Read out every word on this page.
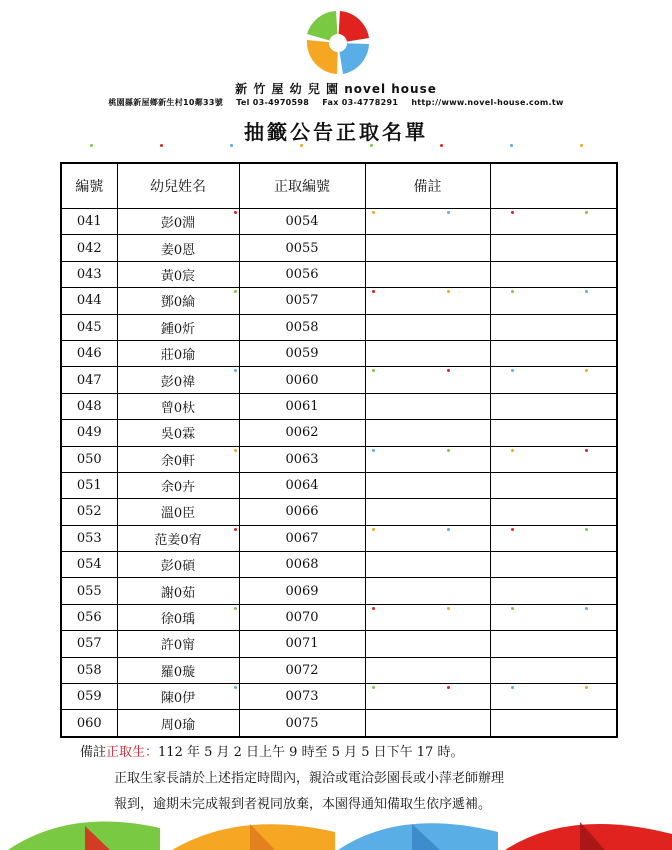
新 竹 屋 幼 兒 園 novel house
桃園縣新屋鄉新生村10鄰33號 Tel 03-4970598 Fax 03-4778291 http://www.novel-house.com.tw
抽籤公告正取名單
編號	幼兒姓名	正取編號	備註	
041	彭0淵	0054	

042	姜0恩	0055		
043	黃0宸	0056		
044	鄧0綸	0057	

045	鍾0炘	0058		
046	莊0瑜	0059		
047	彭0禕	0060	

048	曾0杕	0061		
049	吳0霖	0062		
050	余0軒	0063	

051	余0卉	0064		
052	溫0臣	0066		
053	范姜0宥	0067	

054	彭0碩	0068		
055	謝0茹	0069		
056	徐0瑀	0070	

057	許0甯	0071		
058	羅0璇	0072		
059	陳0伊	0073	

060	周0瑜	0075		
備註正取生：112 年 5 月 2 日上午 9 時至 5 月 5 日下午 17 時。
正取生家長請於上述指定時間內，親洽或電洽彭園長或小萍老師辦理
報到，逾期未完成報到者視同放棄，本園得通知備取生依序遞補。
